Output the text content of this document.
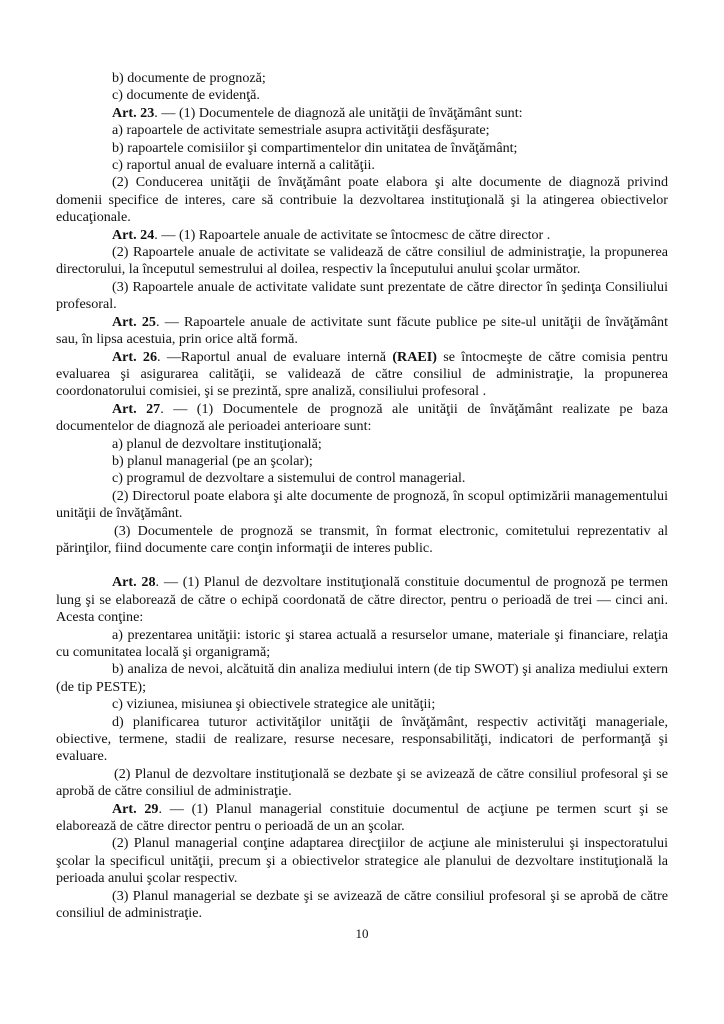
b) documente de prognoză;

c) documente de evidenţă.

Art. 23. — (1) Documentele de diagnoză ale unităţii de învăţământ sunt:

a) rapoartele de activitate semestriale asupra activităţii desfăşurate;

b) rapoartele comisiilor şi compartimentelor din unitatea de învăţământ;

c) raportul anual de evaluare internă a calităţii.

(2) Conducerea unităţii de învăţământ poate elabora şi alte documente de diagnoză privind domenii specifice de interes, care să contribuie la dezvoltarea instituţională şi la atingerea obiectivelor educaţionale.

Art. 24. — (1) Rapoartele anuale de activitate se întocmesc de către director .

(2) Rapoartele anuale de activitate se validează de către consiliul de administraţie, la propunerea directorului, la începutul semestrului al doilea, respectiv la începutului anului şcolar următor.

(3) Rapoartele anuale de activitate validate sunt prezentate de către director în şedinţa Consiliului profesoral.

Art. 25. — Rapoartele anuale de activitate sunt făcute publice pe site-ul unităţii de învăţământ sau, în lipsa acestuia, prin orice altă formă.

Art. 26. —Raportul anual de evaluare internă (RAEI) se întocmeşte de către comisia pentru evaluarea şi asigurarea calităţii, se validează de către consiliul de administraţie, la propunerea coordonatorului comisiei, şi se prezintă, spre analiză, consiliului profesoral .

Art. 27. — (1) Documentele de prognoză ale unităţii de învăţământ realizate pe baza documentelor de diagnoză ale perioadei anterioare sunt:

a) planul de dezvoltare instituţională;

b) planul managerial (pe an şcolar);

c) programul de dezvoltare a sistemului de control managerial.

(2) Directorul poate elabora şi alte documente de prognoză, în scopul optimizării managementului unităţii de învăţământ.

(3) Documentele de prognoză se transmit, în format electronic, comitetului reprezentativ al părinţilor, fiind documente care conţin informaţii de interes public.

Art. 28. — (1) Planul de dezvoltare instituţională constituie documentul de prognoză pe termen lung şi se elaborează de către o echipă coordonată de către director, pentru o perioadă de trei — cinci ani. Acesta conţine:

a) prezentarea unităţii: istoric şi starea actuală a resurselor umane, materiale şi financiare, relaţia cu comunitatea locală şi organigramă;

b) analiza de nevoi, alcătuită din analiza mediului intern (de tip SWOT) şi analiza mediului extern (de tip PESTE);

c) viziunea, misiunea şi obiectivele strategice ale unităţii;

d) planificarea tuturor activităţilor unităţii de învăţământ, respectiv activităţi manageriale, obiective, termene, stadii de realizare, resurse necesare, responsabilităţi, indicatori de performanţă şi evaluare.

(2) Planul de dezvoltare instituţională se dezbate şi se avizează de către consiliul profesoral şi se aprobă de către consiliul de administraţie.

Art. 29. — (1) Planul managerial constituie documentul de acţiune pe termen scurt şi se elaborează de către director pentru o perioadă de un an şcolar.

(2) Planul managerial conţine adaptarea direcţiilor de acţiune ale ministerului şi inspectoratului şcolar la specificul unităţii, precum şi a obiectivelor strategice ale planului de dezvoltare instituţională la perioada anului şcolar respectiv.

(3) Planul managerial se dezbate şi se avizează de către consiliul profesoral şi se aprobă de către consiliul de administraţie.

10
